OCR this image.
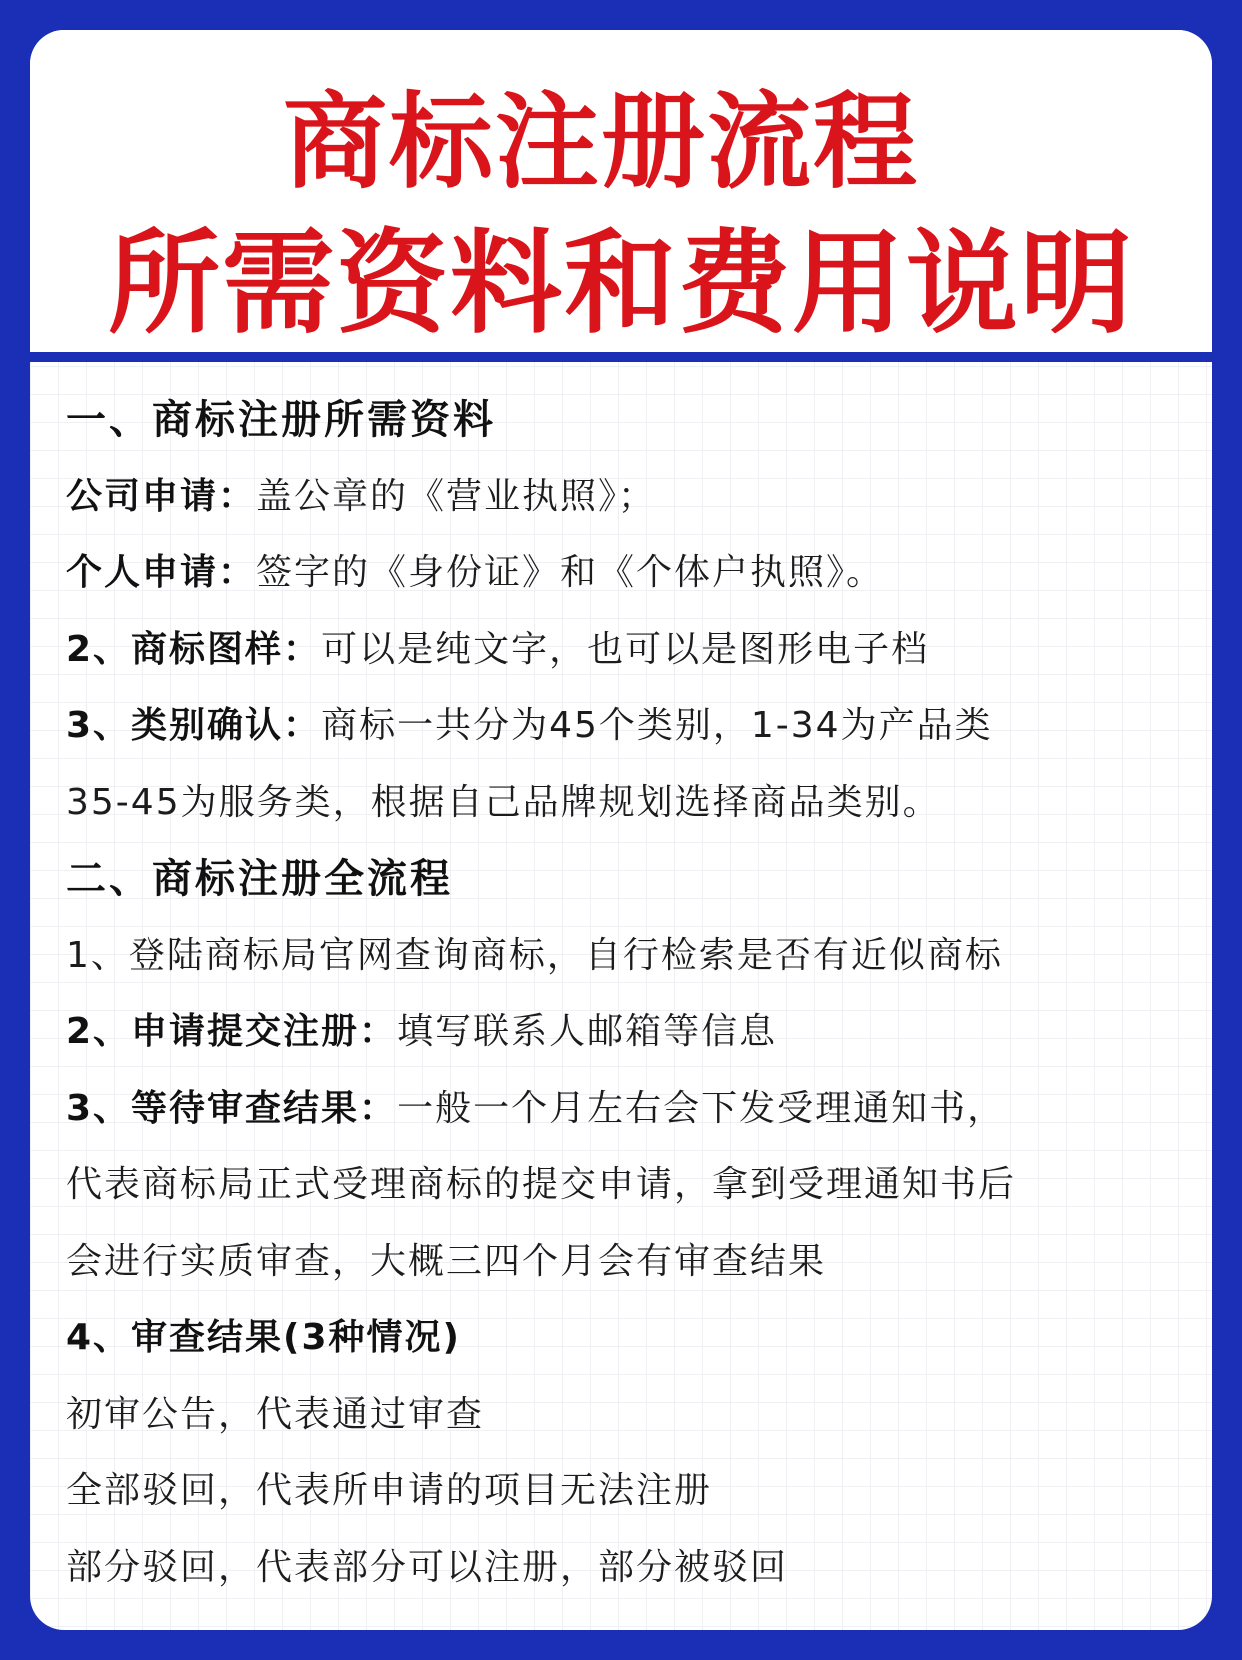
商标注册流程
所需资料和费用说明
一、商标注册所需资料
公司申请：盖公章的《营业执照》；
个人申请：签字的《身份证》和《个体户执照》。
2、商标图样：可以是纯文字，也可以是图形电子档
3、类别确认：商标一共分为45个类别，1-34为产品类
35-45为服务类，根据自己品牌规划选择商品类别。
二、商标注册全流程
1、登陆商标局官网查询商标，自行检索是否有近似商标
2、申请提交注册：填写联系人邮箱等信息
3、等待审查结果：一般一个月左右会下发受理通知书，
代表商标局正式受理商标的提交申请，拿到受理通知书后
会进行实质审查，大概三四个月会有审查结果
4、审查结果(3种情况)
初审公告，代表通过审查
全部驳回，代表所申请的项目无法注册
部分驳回，代表部分可以注册，部分被驳回
